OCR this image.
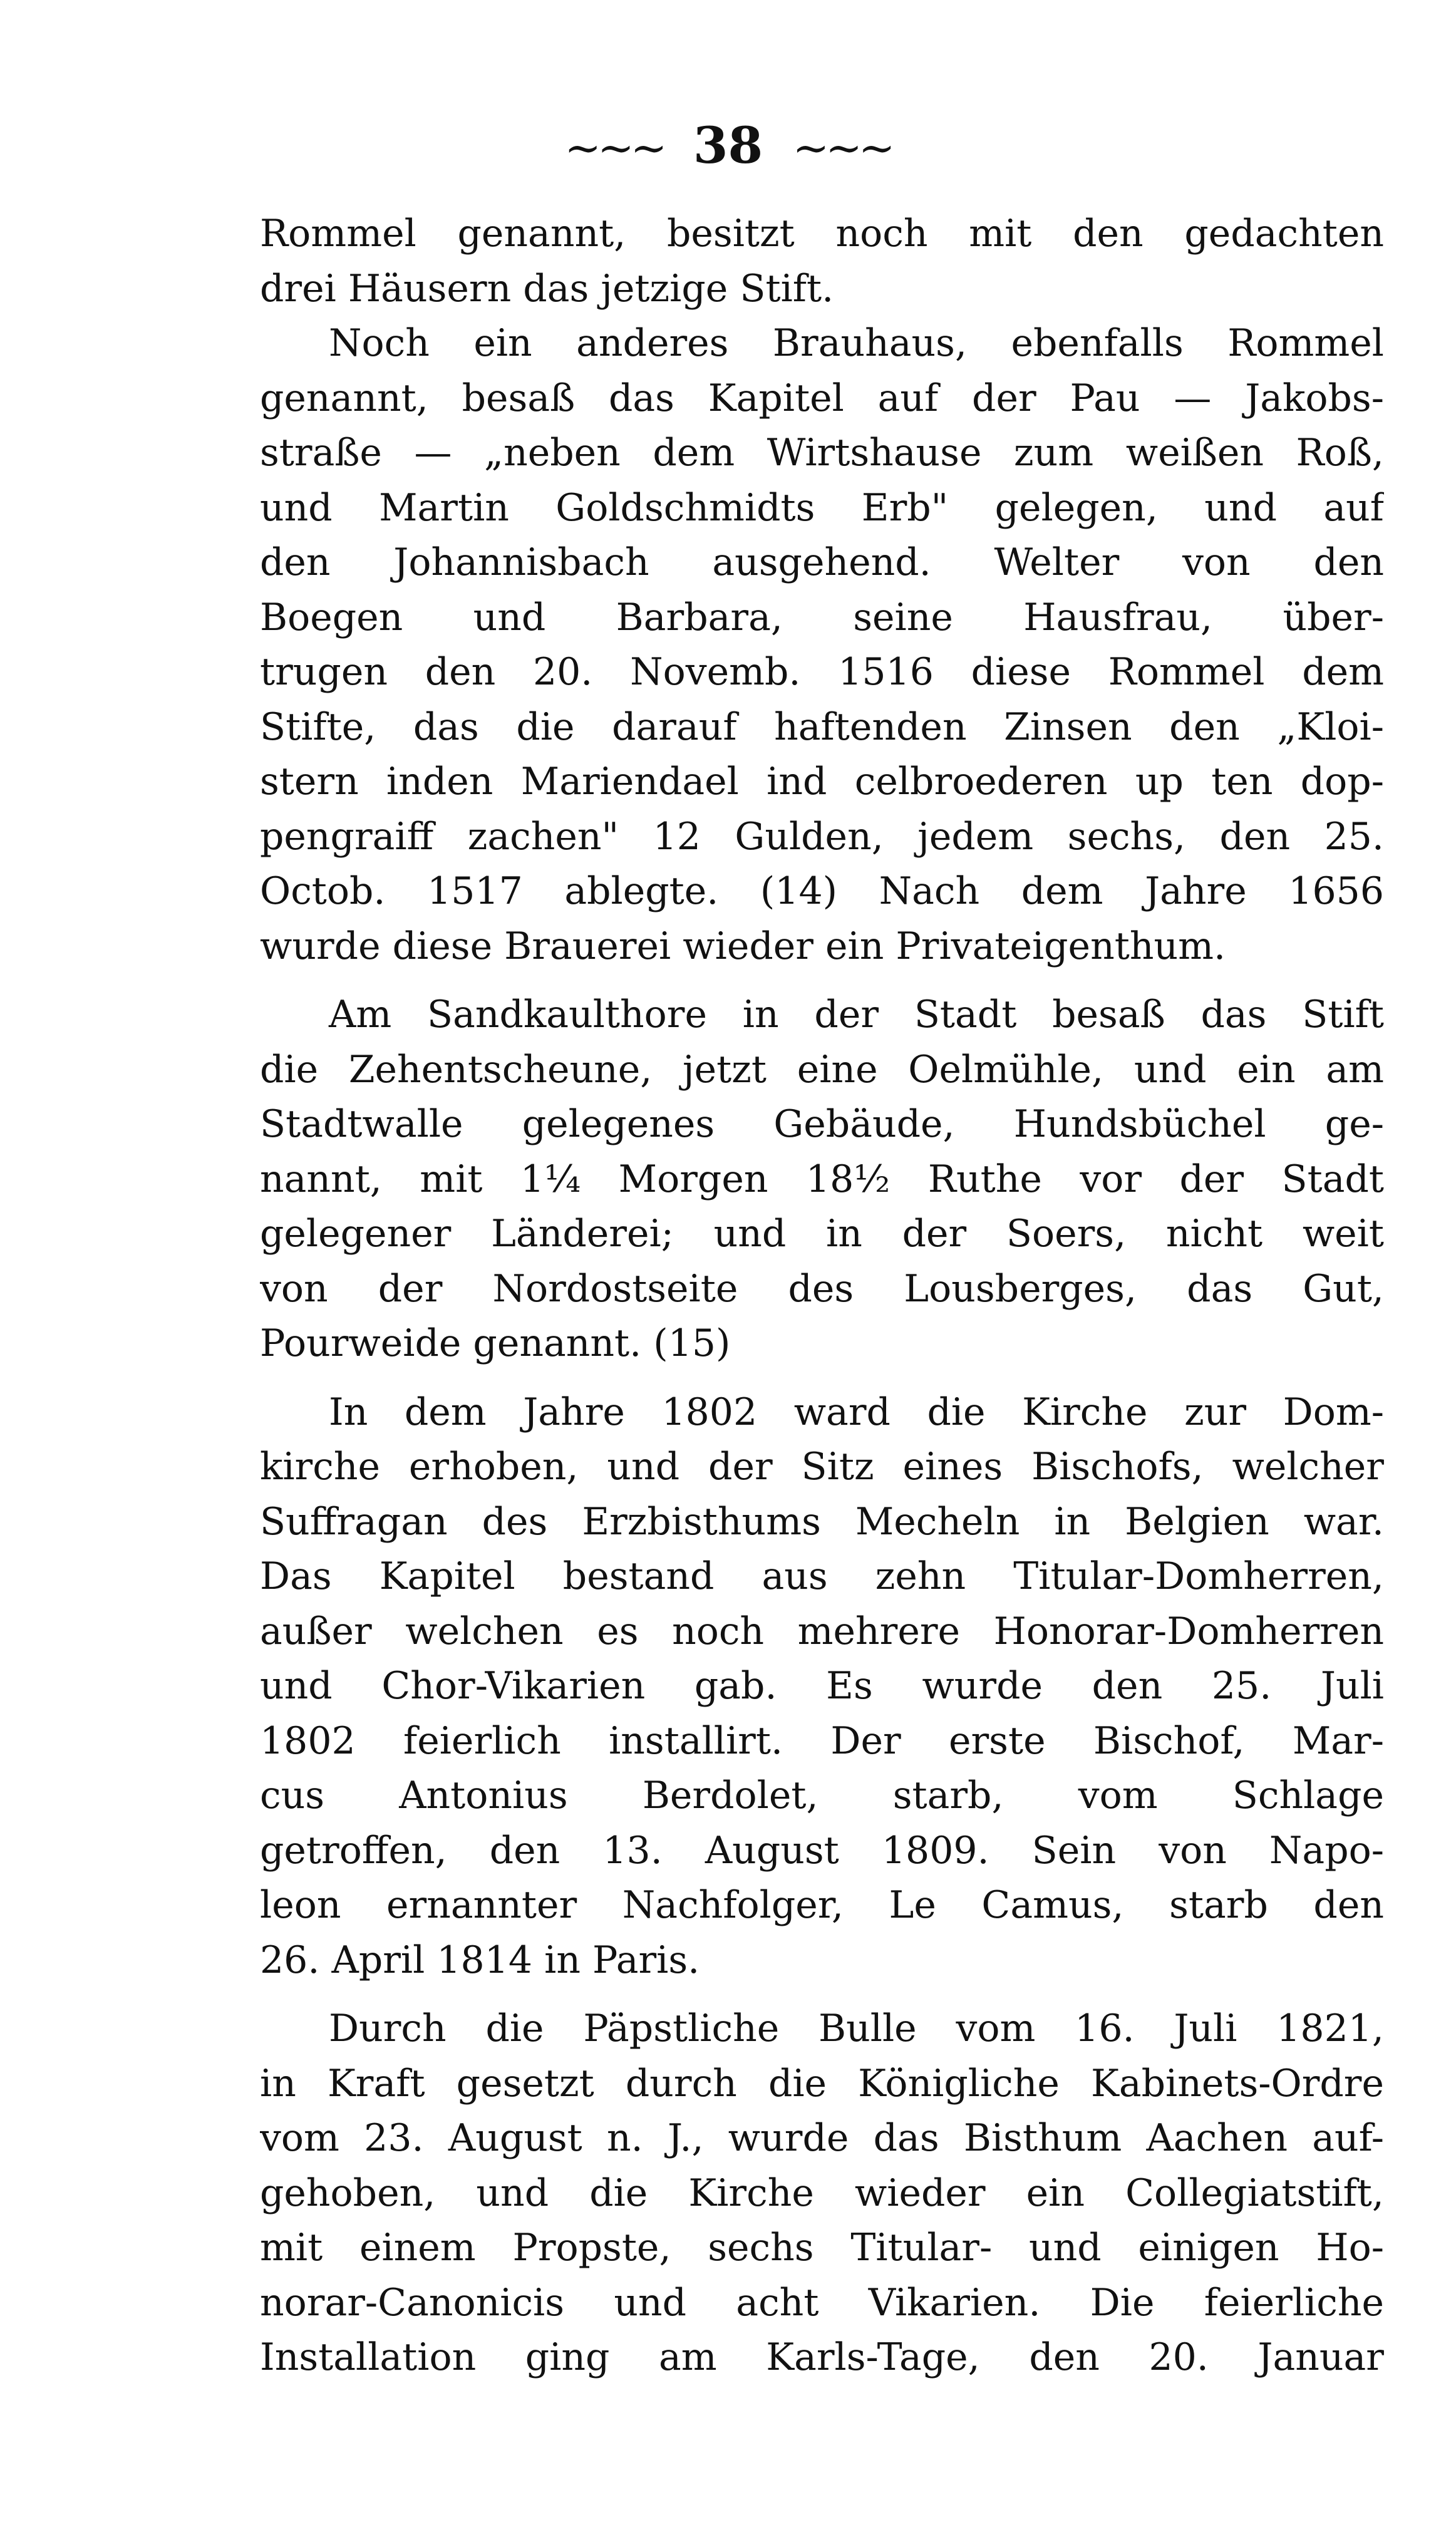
~~~ 38 ~~~
Rommel genannt, besitzt noch mit den gedachten
drei Häusern das jetzige Stift.
Noch ein anderes Brauhaus, ebenfalls Rommel
genannt, besaß das Kapitel auf der Pau — Jakobs-
straße — „neben dem Wirtshause zum weißen Roß,
und Martin Goldschmidts Erb" gelegen, und auf
den Johannisbach ausgehend. Welter von den
Boegen und Barbara, seine Hausfrau, über-
trugen den 20. Novemb. 1516 diese Rommel dem
Stifte, das die darauf haftenden Zinsen den „Kloi-
stern inden Mariendael ind celbroederen up ten dop-
pengraiff zachen" 12 Gulden, jedem sechs, den 25.
Octob. 1517 ablegte. (14) Nach dem Jahre 1656
wurde diese Brauerei wieder ein Privateigenthum.
Am Sandkaulthore in der Stadt besaß das Stift
die Zehentscheune, jetzt eine Oelmühle, und ein am
Stadtwalle gelegenes Gebäude, Hundsbüchel ge-
nannt, mit 1¼ Morgen 18½ Ruthe vor der Stadt
gelegener Länderei; und in der Soers, nicht weit
von der Nordostseite des Lousberges, das Gut,
Pourweide genannt. (15)
In dem Jahre 1802 ward die Kirche zur Dom-
kirche erhoben, und der Sitz eines Bischofs, welcher
Suffragan des Erzbisthums Mecheln in Belgien war.
Das Kapitel bestand aus zehn Titular-Domherren,
außer welchen es noch mehrere Honorar-Domherren
und Chor-Vikarien gab. Es wurde den 25. Juli
1802 feierlich installirt. Der erste Bischof, Mar-
cus Antonius Berdolet, starb, vom Schlage
getroffen, den 13. August 1809. Sein von Napo-
leon ernannter Nachfolger, Le Camus, starb den
26. April 1814 in Paris.
Durch die Päpstliche Bulle vom 16. Juli 1821,
in Kraft gesetzt durch die Königliche Kabinets-Ordre
vom 23. August n. J., wurde das Bisthum Aachen auf-
gehoben, und die Kirche wieder ein Collegiatstift,
mit einem Propste, sechs Titular- und einigen Ho-
norar-Canonicis und acht Vikarien. Die feierliche
Installation ging am Karls-Tage, den 20. Januar
